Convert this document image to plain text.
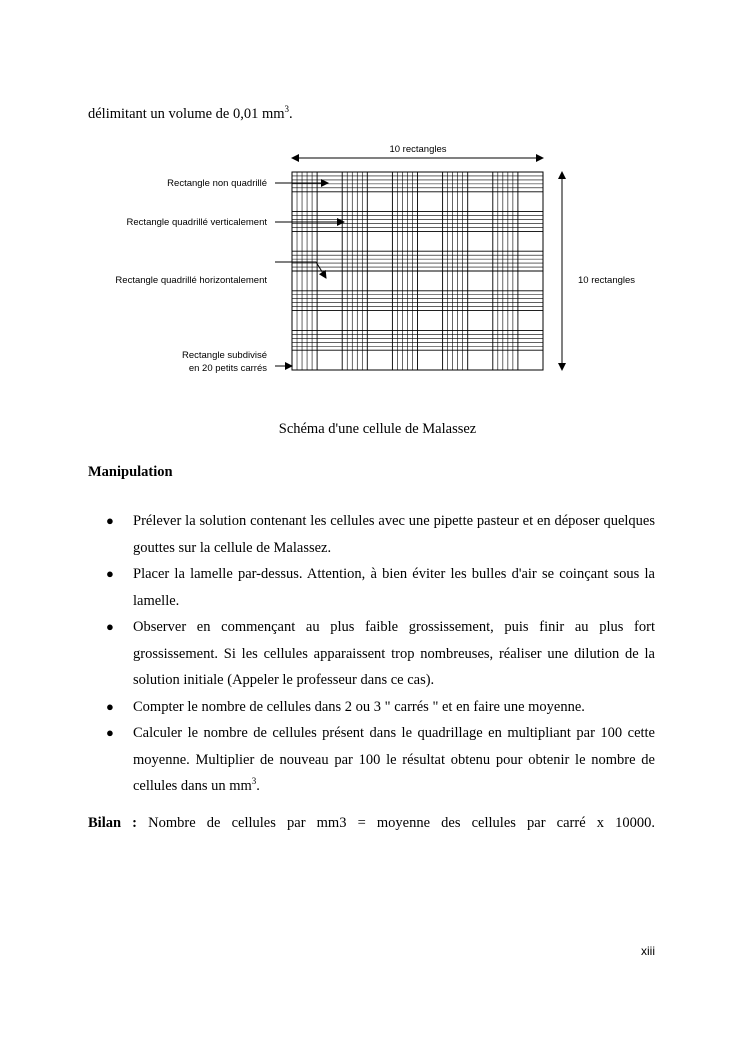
délimitant un volume de 0,01 $mm^3$.
10 rectangles
10 rectangles
Rectangle non quadrillé
Rectangle quadrillé verticalement
Rectangle quadrillé horizontalement
Rectangle subdivisé
en 20 petits carrés
Schéma d'une cellule de Malassez
Manipulation
● Prélever la solution contenant les cellules avec une pipette pasteur et en déposer quelques gouttes sur la cellule de Malassez.
● Placer la lamelle par-dessus. Attention, à bien éviter les bulles d'air se coinçant sous la lamelle.
● Observer en commençant au plus faible grossissement, puis finir au plus fort grossissement. Si les cellules apparaissent trop nombreuses, réaliser une dilution de la solution initiale (Appeler le professeur dans ce cas).
● Compter le nombre de cellules dans 2 ou 3 " carrés " et en faire une moyenne.
● Calculer le nombre de cellules présent dans le quadrillage en multipliant par 100 cette moyenne. Multiplier de nouveau par 100 le résultat obtenu pour obtenir le nombre de cellules dans un $mm^3$.
Bilan : Nombre de cellules par mm3 = moyenne des cellules par carré x 10000.
xiii
